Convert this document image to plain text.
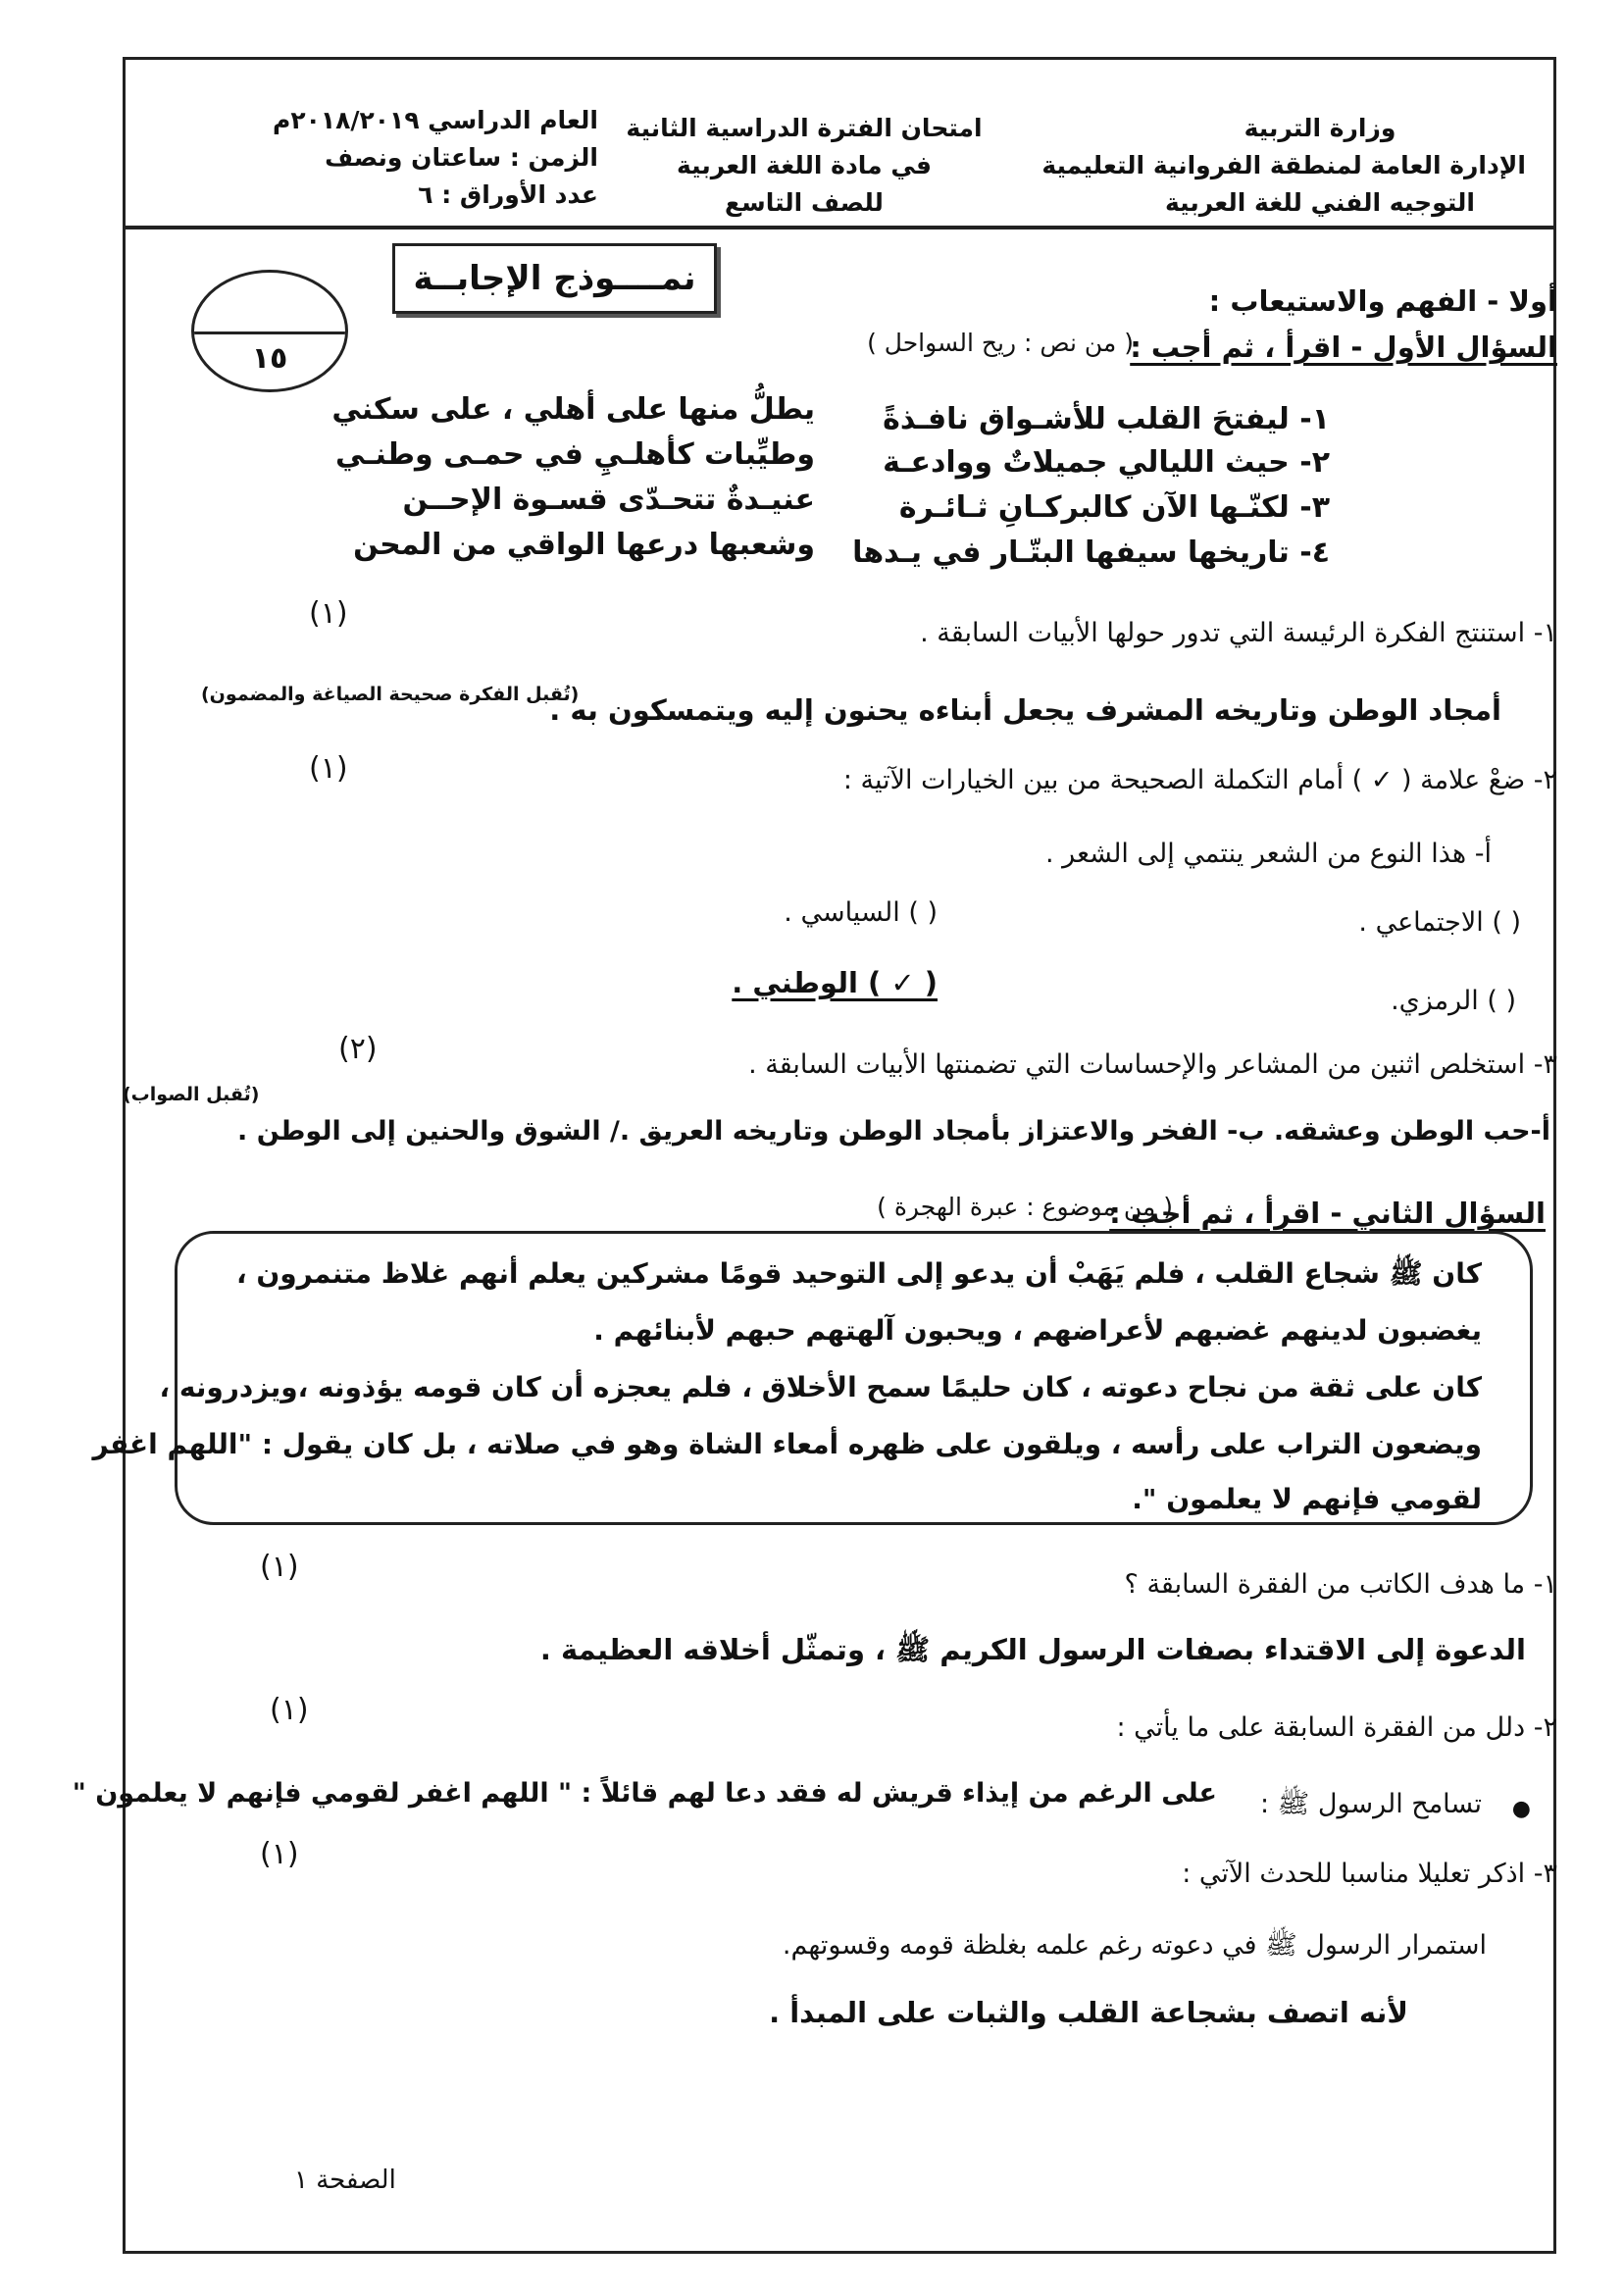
وزارة التربية
الإدارة العامة لمنطقة الفروانية التعليمية
التوجيه الفني للغة العربية
امتحان الفترة الدراسية الثانية
في مادة اللغة العربية
للصف التاسع
العام الدراسي ٢٠١٨/٢٠١٩م
الزمن : ساعتان ونصف
عدد الأوراق : ٦
نمــــوذج الإجابــة
١٥
أولا - الفهم والاستيعاب :
السؤال الأول - اقرأ ، ثم أجب :
( من نص : ريح السواحل )
١- ليفتحَ القلب للأشـواق نافـذةً
يطلُّ منها على أهلي ، على سكني
٢- حيث الليالي جميلاتٌ ووادعـة
وطيِّبات كأهلـيِ في حمـى وطنـي
٣- لكنّـها الآن كالبركـانِ ثـائـرة
عنيـدةٌ تتحـدّى قسـوة الإحــن
٤- تاريخها سيفها البتّـار في يـدها
وشعبها درعها الواقي من المحن
١- استنتج الفكرة الرئيسة التي تدور حولها الأبيات السابقة .
(١)
(تُقبل الفكرة صحيحة الصياغة والمضمون)
أمجاد الوطن وتاريخه المشرف يجعل أبناءه يحنون إليه ويتمسكون به .
٢- ضعْ علامة ( ✓ ) أمام التكملة الصحيحة من بين الخيارات الآتية :
(١)
أ- هذا النوع من الشعر ينتمي إلى الشعر .
( ) الاجتماعي .
( ) السياسي .
( ) الرمزي.
( ✓ ) الوطني .
٣- استخلص اثنين من المشاعر والإحساسات التي تضمنتها الأبيات السابقة .
(٢)
(تُقبل الصواب)
أ-حب الوطن وعشقه. ب- الفخر والاعتزاز بأمجاد الوطن وتاريخه العريق ./ الشوق والحنين إلى الوطن .
السؤال الثاني - اقرأ ، ثم أجب :
( من موضوع : عبرة الهجرة )
كان ﷺ شجاع القلب ، فلم يَهَبْ أن يدعو إلى التوحيد قومًا مشركين يعلم أنهم غلاظ متنمرون ،
يغضبون لدينهم غضبهم لأعراضهم ، ويحبون آلهتهم حبهم لأبنائهم .
كان على ثقة من نجاح دعوته ، كان حليمًا سمح الأخلاق ، فلم يعجزه أن كان قومه يؤذونه ،ويزدرونه ،
ويضعون التراب على رأسه ، ويلقون على ظهره أمعاء الشاة وهو في صلاته ، بل كان يقول : "اللهم اغفر
لقومي فإنهم لا يعلمون ".
١- ما هدف الكاتب من الفقرة السابقة ؟
(١)
الدعوة إلى الاقتداء بصفات الرسول الكريم ﷺ ، وتمثّل أخلاقه العظيمة .
٢- دلل من الفقرة السابقة على ما يأتي :
(١)
●
تسامح الرسول ﷺ :
على الرغم من إيذاء قريش له فقد دعا لهم قائلاً : " اللهم اغفر لقومي فإنهم لا يعلمون "
٣- اذكر تعليلا مناسبا للحدث الآتي :
(١)
استمرار الرسول ﷺ في دعوته رغم علمه بغلظة قومه وقسوتهم.
لأنه اتصف بشجاعة القلب والثبات على المبدأ .
الصفحة ١
